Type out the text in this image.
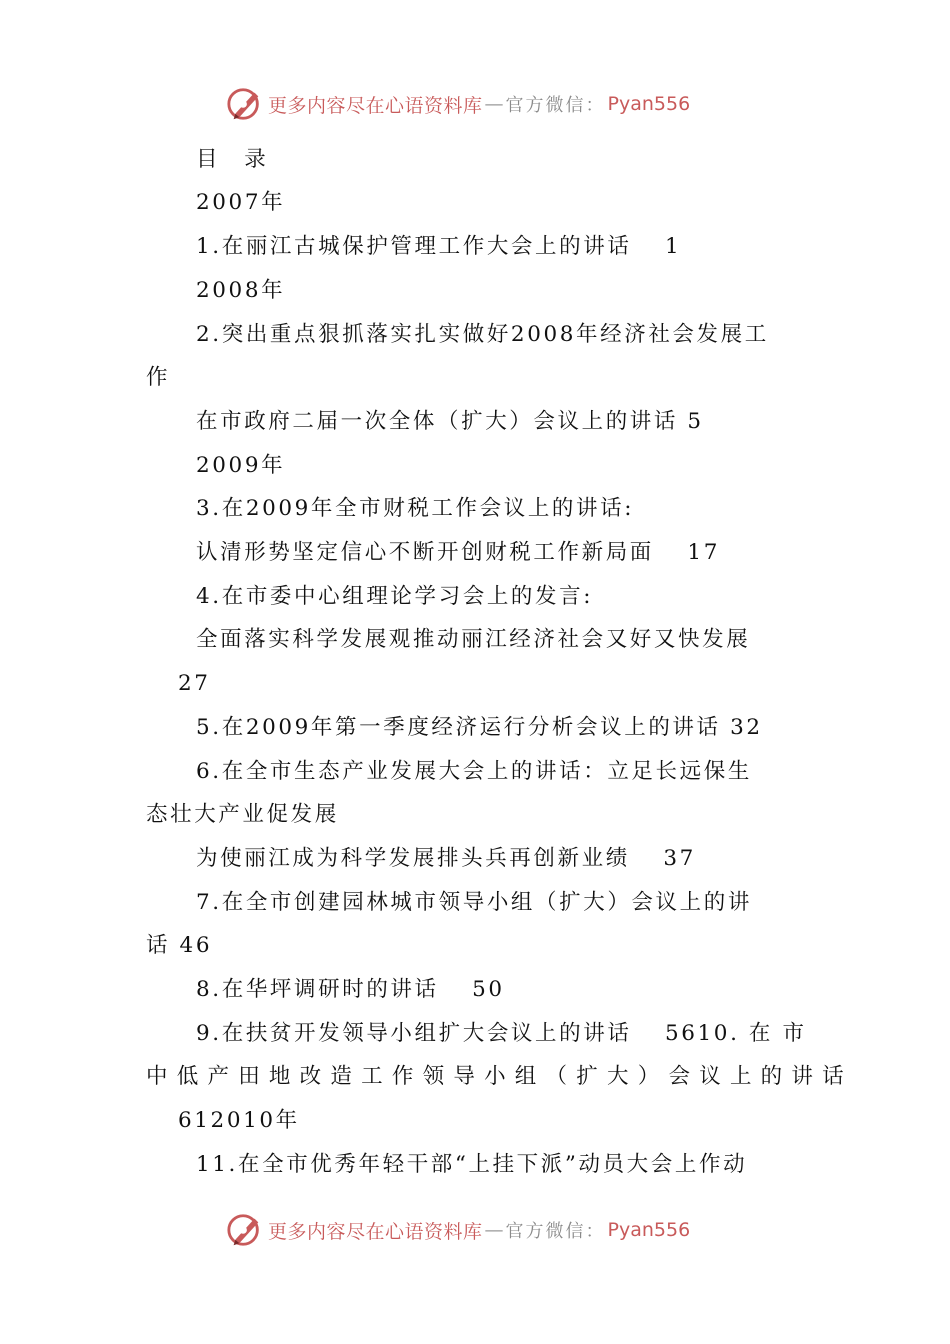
更多内容尽在心语资料库 — 官方微信： Pyan556
目　录
2007年
1.在丽江古城保护管理工作大会上的讲话　 1
2008年
2.突出重点狠抓落实扎实做好2008年经济社会发展工
作
在市政府二届一次全体（扩大）会议上的讲话 5
2009年
3.在2009年全市财税工作会议上的讲话:
认清形势坚定信心不断开创财税工作新局面　 17
4.在市委中心组理论学习会上的发言:
全面落实科学发展观推动丽江经济社会又好又快发展
27
5.在2009年第一季度经济运行分析会议上的讲话 32
6.在全市生态产业发展大会上的讲话：立足长远保生
态壮大产业促发展
为使丽江成为科学发展排头兵再创新业绩　 37
7.在全市创建园林城市领导小组（扩大）会议上的讲
话 46
8.在华坪调研时的讲话　 50
9.在扶贫开发领导小组扩大会议上的讲话　 5610. 在 市
中 低 产 田 地 改 造 工 作 领 导 小 组 （ 扩 大 ） 会 议 上 的 讲 话
612010年
11.在全市优秀年轻干部“上挂下派”动员大会上作动
更多内容尽在心语资料库 — 官方微信： Pyan556
